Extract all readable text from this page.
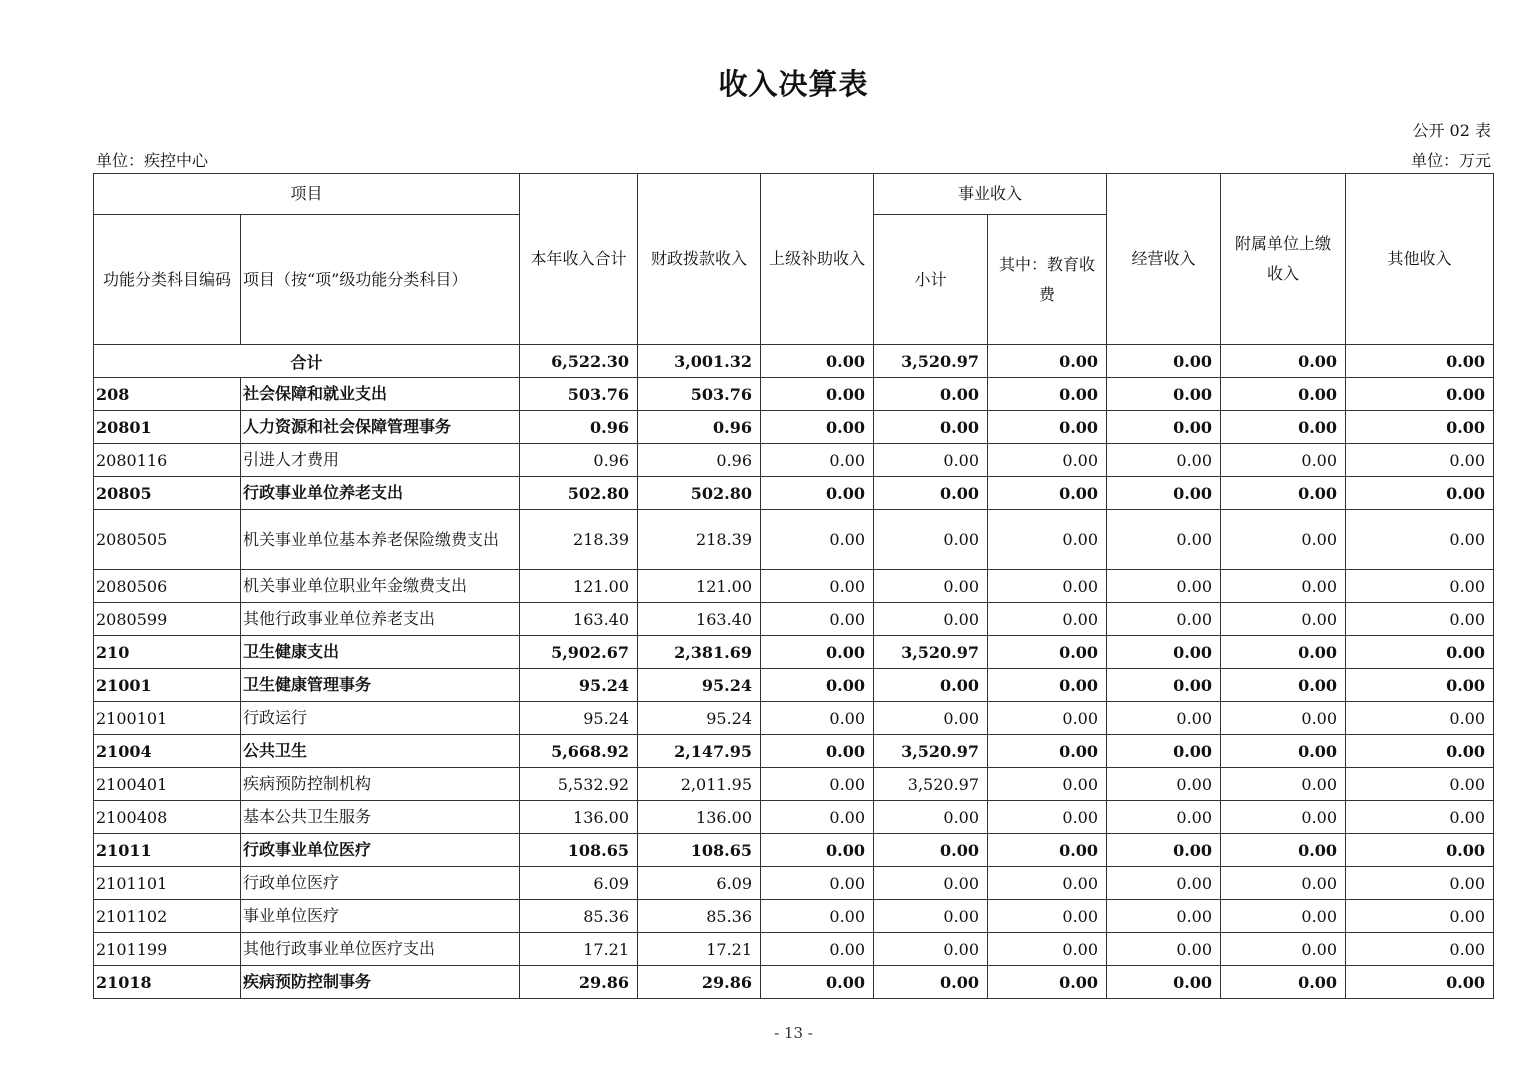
收入决算表
公开 02 表
单位：疾控中心	单位：万元
项目		本年收入合计	财政拨款收入	上级补助收入	事业收入		经营收入	附属单位上缴收入	其他收入
功能分类科目编码	项目（按“项”级功能分类科目）				小计	其中：教育收费			
合计		6,522.30	3,001.32	0.00	3,520.97	0.00	0.00	0.00	0.00
208	社会保障和就业支出	503.76	503.76	0.00	0.00	0.00	0.00	0.00	0.00
20801	人力资源和社会保障管理事务	0.96	0.96	0.00	0.00	0.00	0.00	0.00	0.00
2080116	引进人才费用	0.96	0.96	0.00	0.00	0.00	0.00	0.00	0.00
20805	行政事业单位养老支出	502.80	502.80	0.00	0.00	0.00	0.00	0.00	0.00
2080505	机关事业单位基本养老保险缴费支出	218.39	218.39	0.00	0.00	0.00	0.00	0.00	0.00
2080506	机关事业单位职业年金缴费支出	121.00	121.00	0.00	0.00	0.00	0.00	0.00	0.00
2080599	其他行政事业单位养老支出	163.40	163.40	0.00	0.00	0.00	0.00	0.00	0.00
210	卫生健康支出	5,902.67	2,381.69	0.00	3,520.97	0.00	0.00	0.00	0.00
21001	卫生健康管理事务	95.24	95.24	0.00	0.00	0.00	0.00	0.00	0.00
2100101	行政运行	95.24	95.24	0.00	0.00	0.00	0.00	0.00	0.00
21004	公共卫生	5,668.92	2,147.95	0.00	3,520.97	0.00	0.00	0.00	0.00
2100401	疾病预防控制机构	5,532.92	2,011.95	0.00	3,520.97	0.00	0.00	0.00	0.00
2100408	基本公共卫生服务	136.00	136.00	0.00	0.00	0.00	0.00	0.00	0.00
21011	行政事业单位医疗	108.65	108.65	0.00	0.00	0.00	0.00	0.00	0.00
2101101	行政单位医疗	6.09	6.09	0.00	0.00	0.00	0.00	0.00	0.00
2101102	事业单位医疗	85.36	85.36	0.00	0.00	0.00	0.00	0.00	0.00
2101199	其他行政事业单位医疗支出	17.21	17.21	0.00	0.00	0.00	0.00	0.00	0.00
21018	疾病预防控制事务	29.86	29.86	0.00	0.00	0.00	0.00	0.00	0.00
- 13 -
